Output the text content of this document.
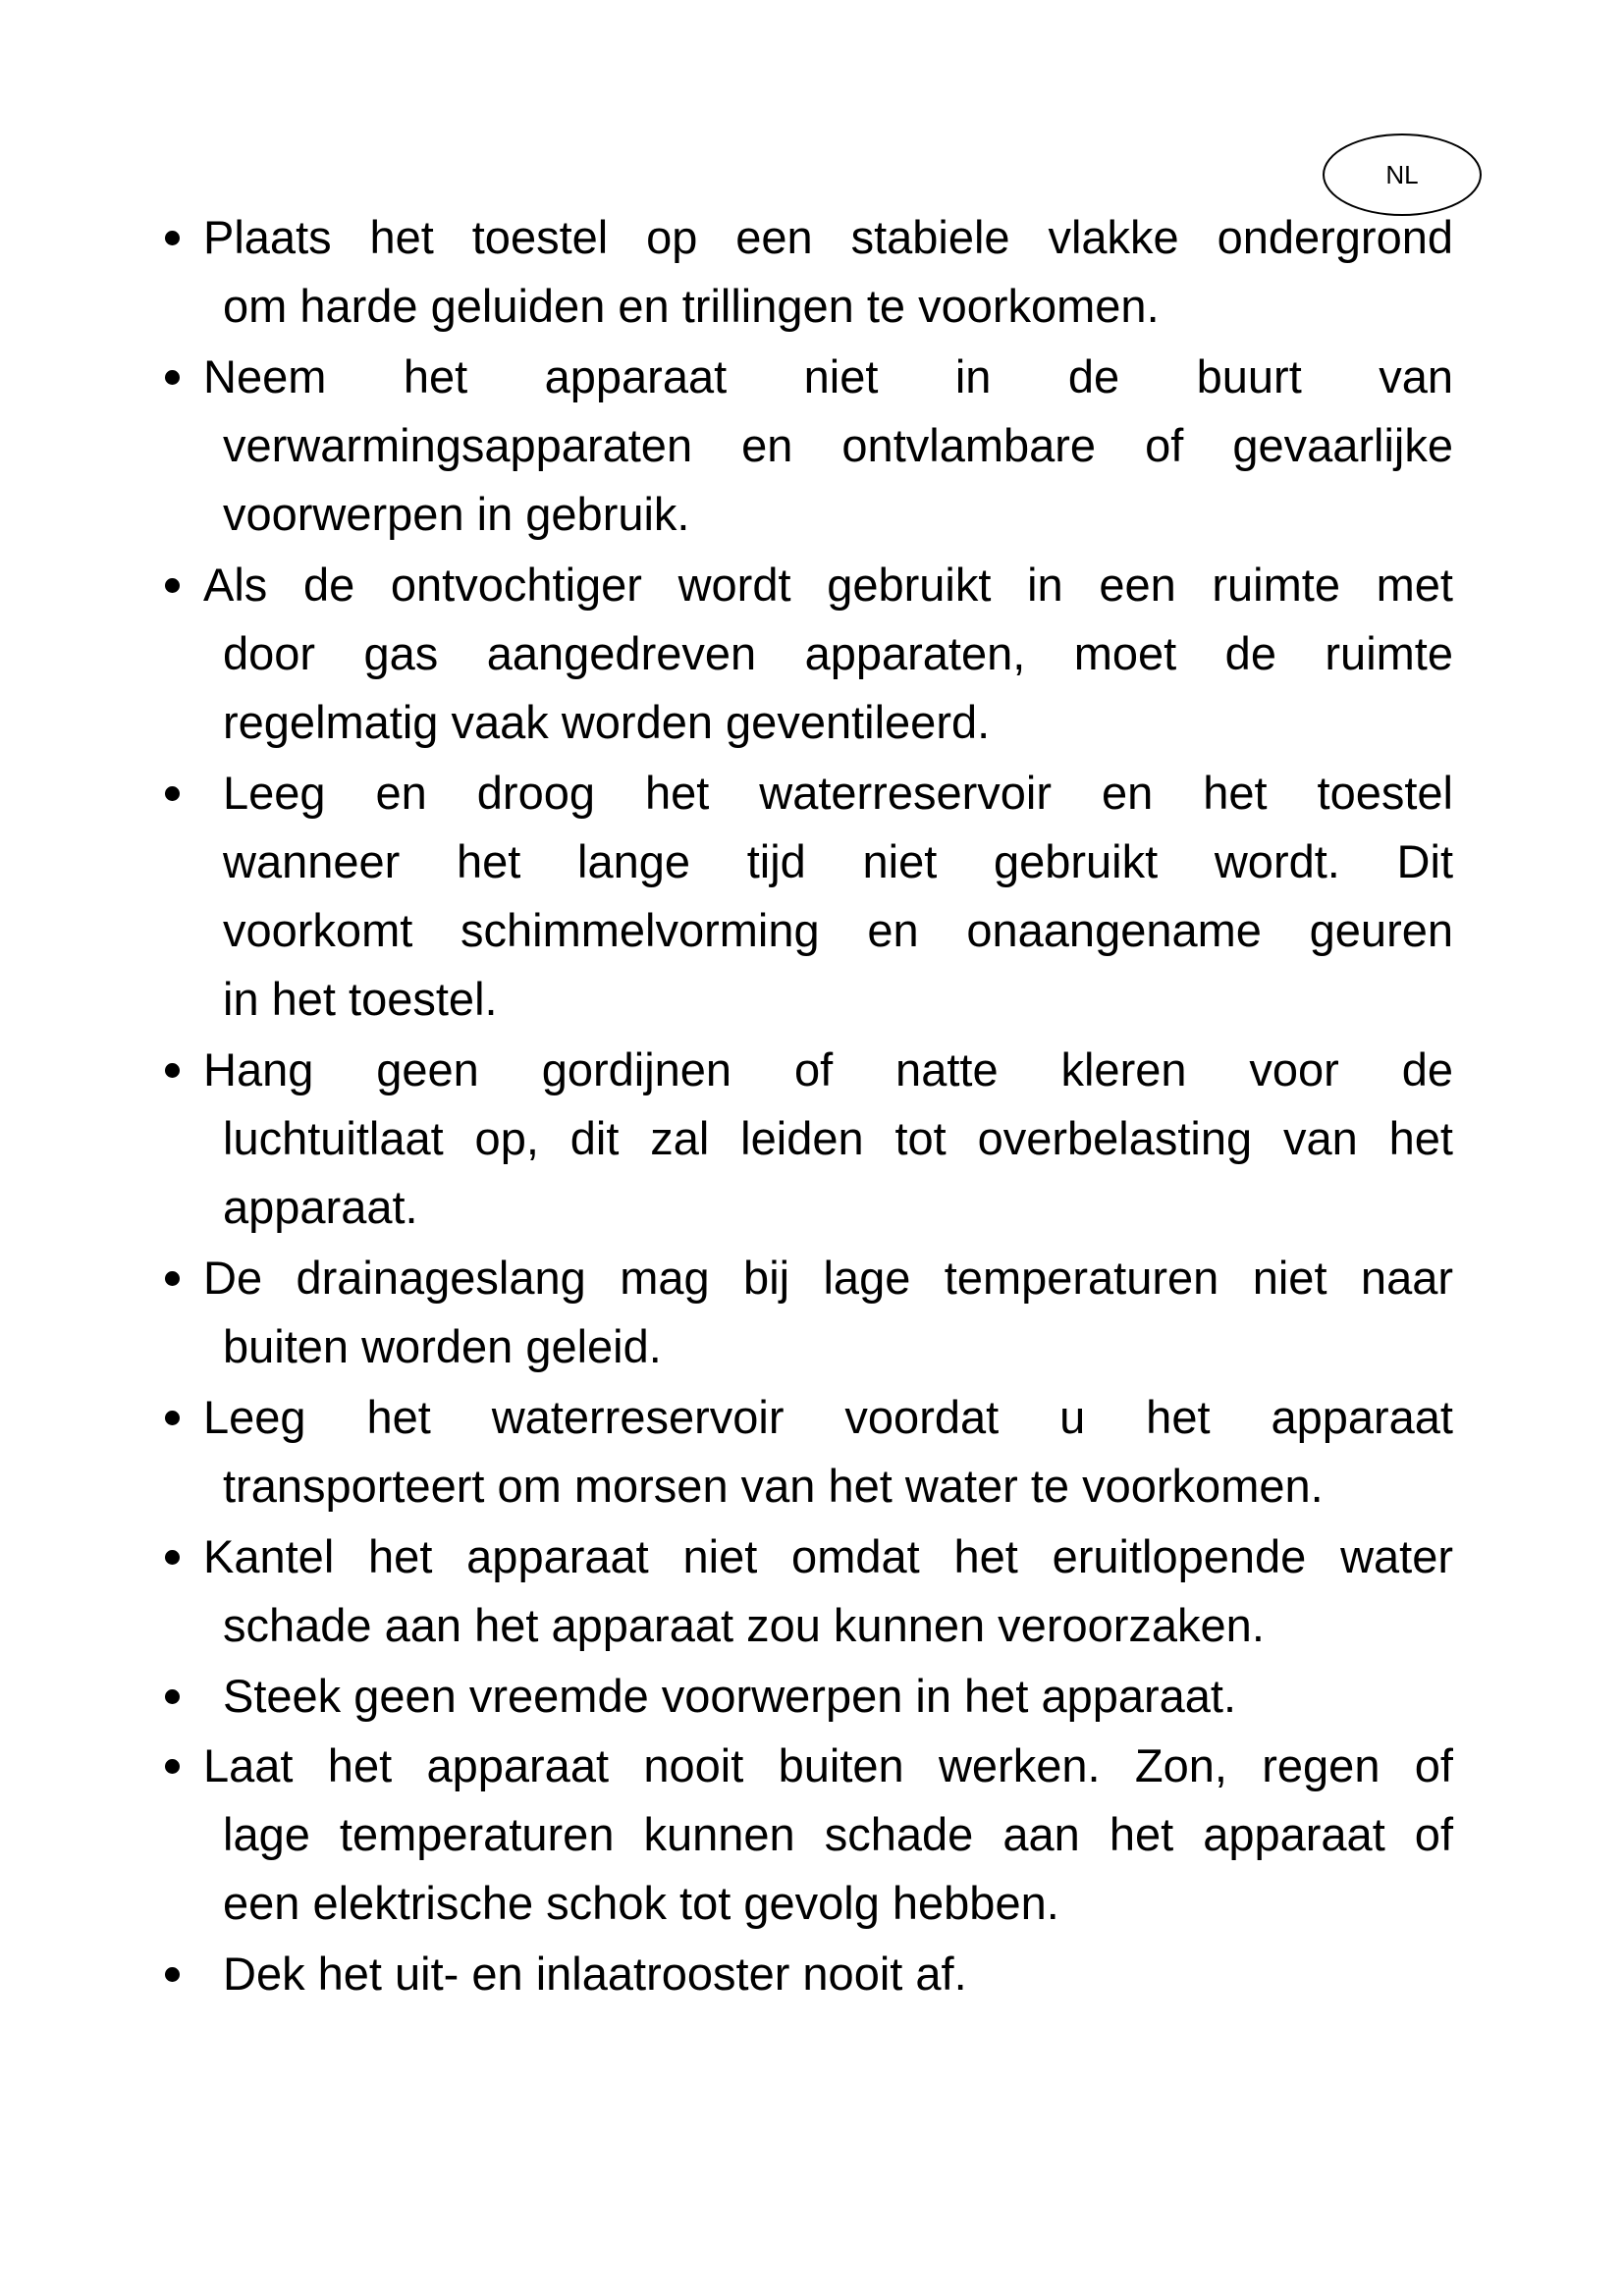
NL
Plaats het toestel op een stabiele vlakke ondergrond
om harde geluiden en trillingen te voorkomen.
Neem het apparaat niet in de buurt van
verwarmingsapparaten en ontvlambare of gevaarlijke
voorwerpen in gebruik.
Als de ontvochtiger wordt gebruikt in een ruimte met
door gas aangedreven apparaten, moet de ruimte
regelmatig vaak worden geventileerd.
Leeg en droog het waterreservoir en het toestel
wanneer het lange tijd niet gebruikt wordt. Dit
voorkomt schimmelvorming en onaangename geuren
in het toestel.
Hang geen gordijnen of natte kleren voor de
luchtuitlaat op, dit zal leiden tot overbelasting van het
apparaat.
De drainageslang mag bij lage temperaturen niet naar
buiten worden geleid.
Leeg het waterreservoir voordat u het apparaat
transporteert om morsen van het water te voorkomen.
Kantel het apparaat niet omdat het eruitlopende water
schade aan het apparaat zou kunnen veroorzaken.
Steek geen vreemde voorwerpen in het apparaat.
Laat het apparaat nooit buiten werken. Zon, regen of
lage temperaturen kunnen schade aan het apparaat of
een elektrische schok tot gevolg hebben.
Dek het uit- en inlaatrooster nooit af.
